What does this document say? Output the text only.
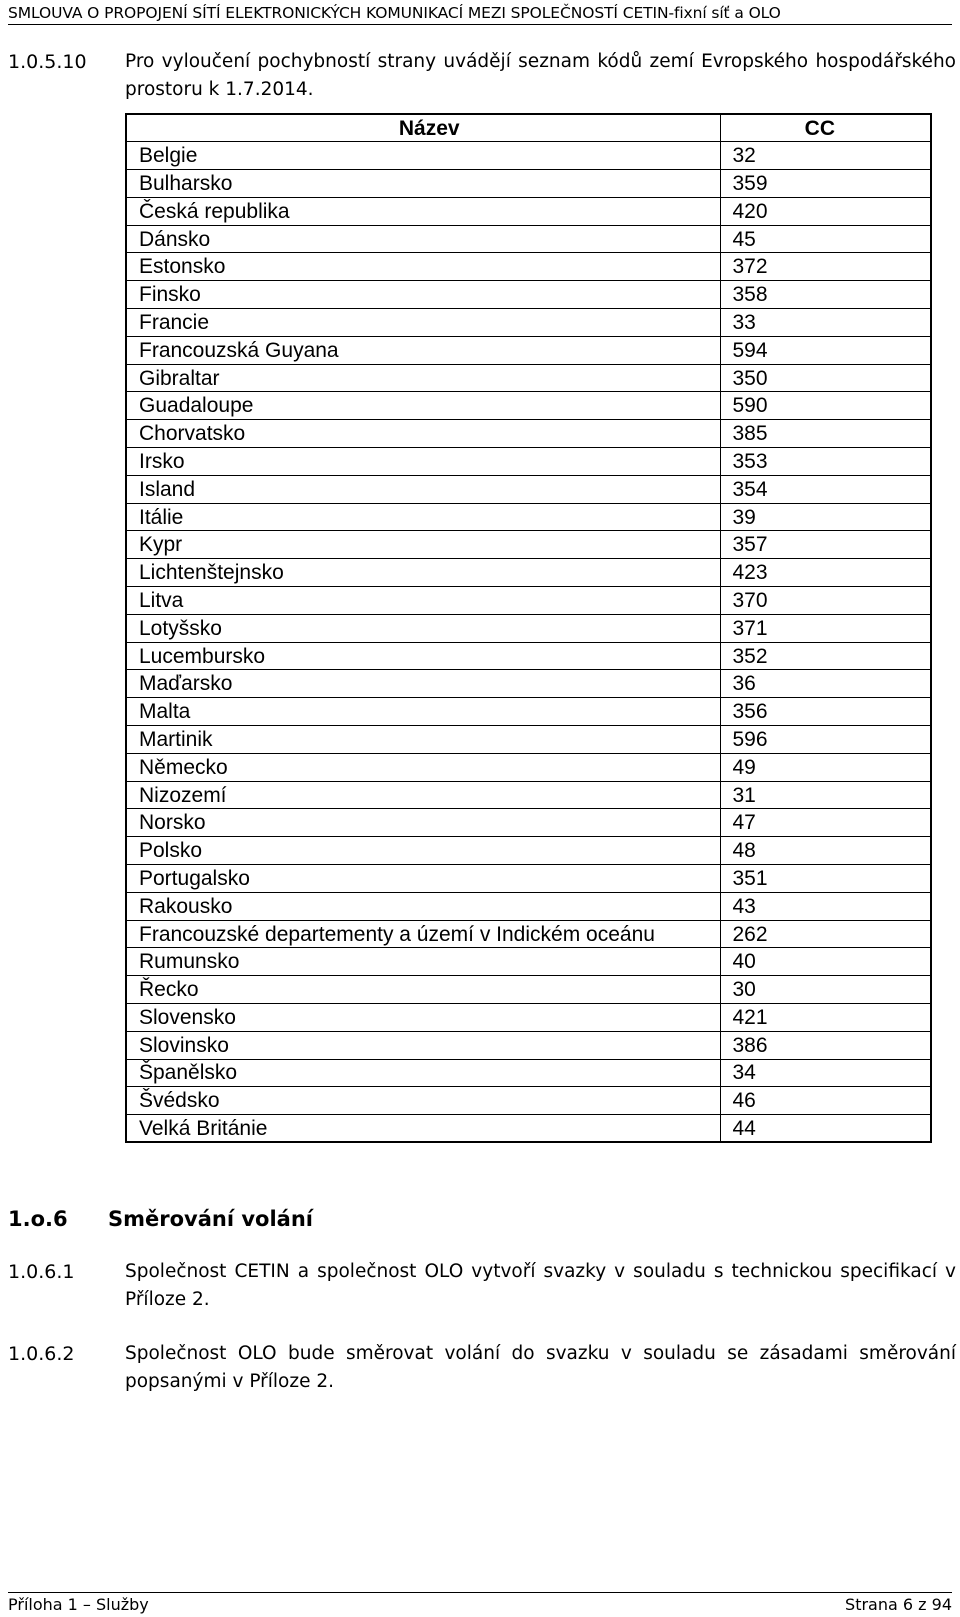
SMLOUVA O PROPOJENÍ SÍTÍ ELEKTRONICKÝCH KOMUNIKACÍ MEZI SPOLEČNOSTÍ CETIN-fixní síť a OLO
1.0.5.10 Pro vyloučení pochybností strany uvádějí seznam kódů zemí Evropského hospodářského prostoru k 1.7.2014.
Název	CC
Belgie	32
Bulharsko	359
Česká republika	420
Dánsko	45
Estonsko	372
Finsko	358
Francie	33
Francouzská Guyana	594
Gibraltar	350
Guadaloupe	590
Chorvatsko	385
Irsko	353
Island	354
Itálie	39
Kypr	357
Lichtenštejnsko	423
Litva	370
Lotyšsko	371
Lucembursko	352
Maďarsko	36
Malta	356
Martinik	596
Německo	49
Nizozemí	31
Norsko	47
Polsko	48
Portugalsko	351
Rakousko	43
Francouzské departementy a území v Indickém oceánu	262
Rumunsko	40
Řecko	30
Slovensko	421
Slovinsko	386
Španělsko	34
Švédsko	46
Velká Británie	44
1.o.6 Směrování volání
1.0.6.1	Společnost CETIN a společnost OLO vytvoří svazky v souladu s technickou specifikací v Příloze 2.
1.0.6.2	Společnost OLO bude směrovat volání do svazku v souladu se zásadami směrování popsanými v Příloze 2.
Příloha 1 – Služby	Strana 6 z 94
